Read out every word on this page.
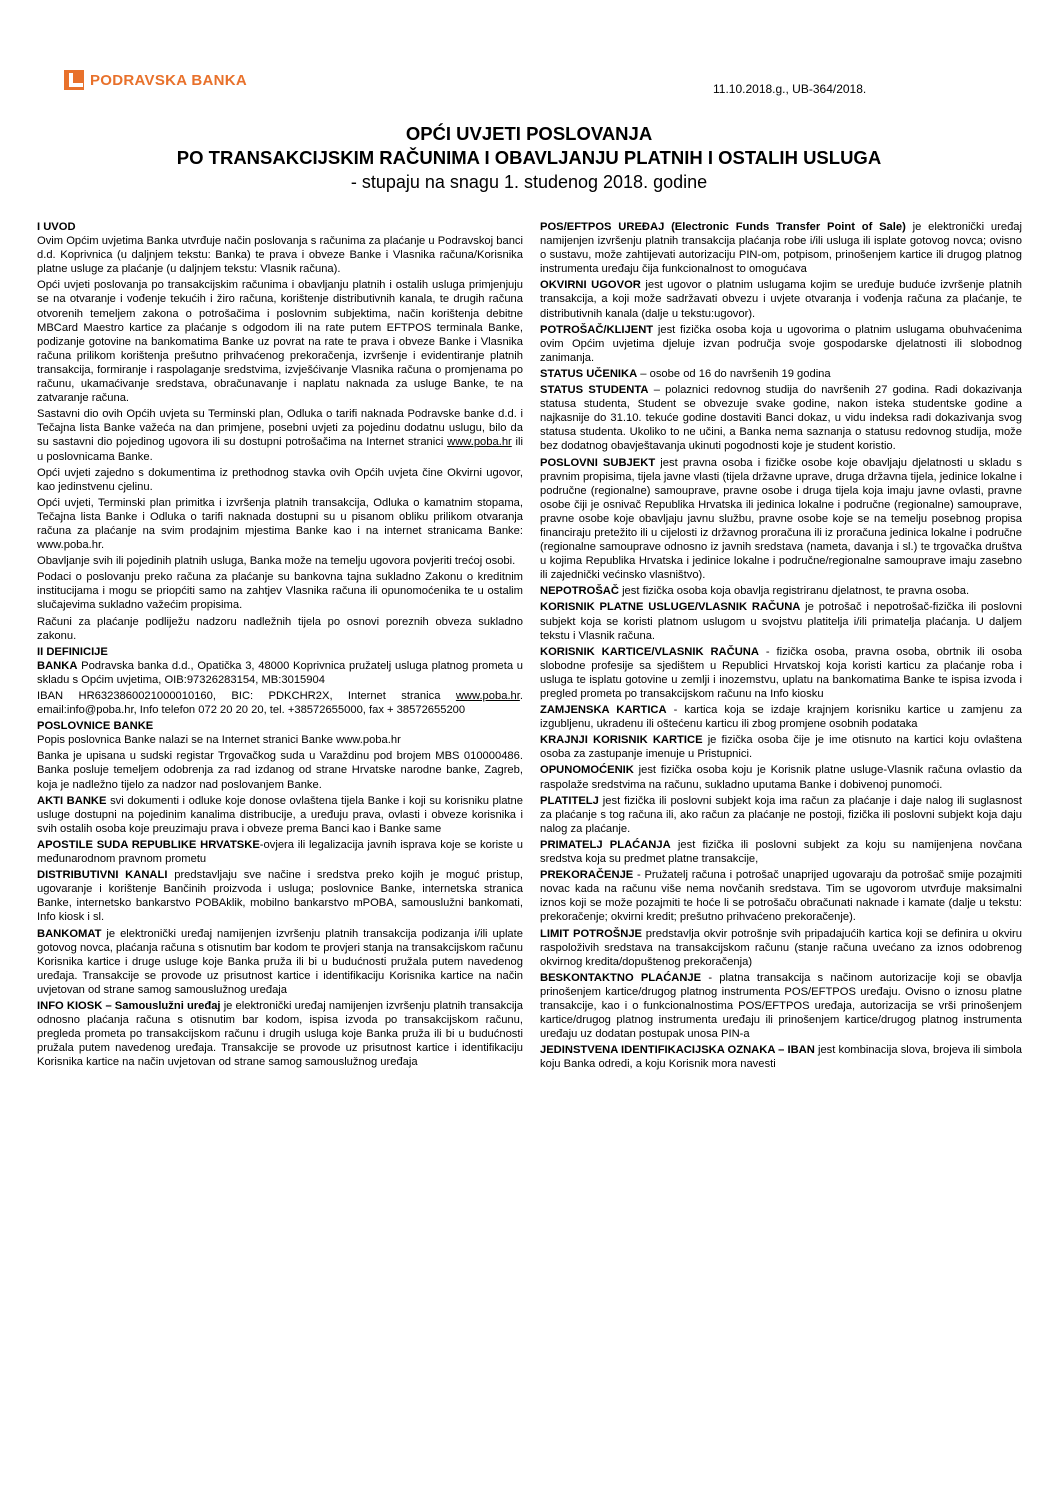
PODRAVSKA BANKA
11.10.2018.g., UB-364/2018.
OPĆI UVJETI POSLOVANJA
PO TRANSAKCIJSKIM RAČUNIMA I OBAVLJANJU PLATNIH I OSTALIH USLUGA
- stupaju na snagu 1. studenog 2018. godine

I UVOD

Ovim Općim uvjetima Banka utvrđuje način poslovanja s računima za plaćanje u Podravskoj banci d.d. Koprivnica (u daljnjem tekstu: Banka) te prava i obveze Banke i Vlasnika računa/Korisnika platne usluge za plaćanje (u daljnjem tekstu: Vlasnik računa).

Opći uvjeti poslovanja po transakcijskim računima i obavljanju platnih i ostalih usluga primjenjuju se na otvaranje i vođenje tekućih i žiro računa, korištenje distributivnih kanala, te drugih računa otvorenih temeljem zakona o potrošačima i poslovnim subjektima, način korištenja debitne MBCard Maestro kartice za plaćanje s odgodom ili na rate putem EFTPOS terminala Banke, podizanje gotovine na bankomatima Banke uz povrat na rate te prava i obveze Banke i Vlasnika računa prilikom korištenja prešutno prihvaćenog prekoračenja, izvršenje i evidentiranje platnih transakcija, formiranje i raspolaganje sredstvima, izvješćivanje Vlasnika računa o promjenama po računu, ukamaćivanje sredstava, obračunavanje i naplatu naknada za usluge Banke, te na zatvaranje računa.

Sastavni dio ovih Općih uvjeta su Terminski plan, Odluka o tarifi naknada Podravske banke d.d. i Tečajna lista Banke važeća na dan primjene, posebni uvjeti za pojedinu dodatnu uslugu, bilo da su sastavni dio pojedinog ugovora ili su dostupni potrošačima na Internet stranici www.poba.hr ili u poslovnicama Banke.

Opći uvjeti zajedno s dokumentima iz prethodnog stavka ovih Općih uvjeta čine Okvirni ugovor, kao jedinstvenu cjelinu.

Opći uvjeti, Terminski plan primitka i izvršenja platnih transakcija, Odluka o kamatnim stopama, Tečajna lista Banke i Odluka o tarifi naknada dostupni su u pisanom obliku prilikom otvaranja računa za plaćanje na svim prodajnim mjestima Banke kao i na internet stranicama Banke: www.poba.hr.

Obavljanje svih ili pojedinih platnih usluga, Banka može na temelju ugovora povjeriti trećoj osobi.

Podaci o poslovanju preko računa za plaćanje su bankovna tajna sukladno Zakonu o kreditnim institucijama i mogu se priopćiti samo na zahtjev Vlasnika računa ili opunomoćenika te u ostalim slučajevima sukladno važećim propisima.

Računi za plaćanje podliježu nadzoru nadležnih tijela po osnovi poreznih obveza sukladno zakonu.

II DEFINICIJE

BANKA Podravska banka d.d., Opatička 3, 48000 Koprivnica pružatelj usluga platnog prometa u skladu s Općim uvjetima, OIB:97326283154, MB:3015904

IBAN HR6323860021000010160, BIC: PDKCHR2X, Internet stranica www.poba.hr. email:info@poba.hr, Info telefon 072 20 20 20, tel. +38572655000, fax + 38572655200

POSLOVNICE BANKE

Popis poslovnica Banke nalazi se na Internet stranici Banke www.poba.hr

Banka je upisana u sudski registar Trgovačkog suda u Varaždinu pod brojem MBS 010000486. Banka posluje temeljem odobrenja za rad izdanog od strane Hrvatske narodne banke, Zagreb, koja je nadležno tijelo za nadzor nad poslovanjem Banke.

AKTI BANKE svi dokumenti i odluke koje donose ovlaštena tijela Banke i koji su korisniku platne usluge dostupni na pojedinim kanalima distribucije, a uređuju prava, ovlasti i obveze korisnika i svih ostalih osoba koje preuzimaju prava i obveze prema Banci kao i Banke same

APOSTILE SUDA REPUBLIKE HRVATSKE-ovjera ili legalizacija javnih isprava koje se koriste u međunarodnom pravnom prometu

DISTRIBUTIVNI KANALI predstavljaju sve načine i sredstva preko kojih je moguć pristup, ugovaranje i korištenje Bančinih proizvoda i usluga; poslovnice Banke, internetska stranica Banke, internetsko bankarstvo POBAklik, mobilno bankarstvo mPOBA, samouslužni bankomati, Info kiosk i sl.

BANKOMAT je elektronički uređaj namijenjen izvršenju platnih transakcija podizanja i/ili uplate gotovog novca, plaćanja računa s otisnutim bar kodom te provjeri stanja na transakcijskom računu Korisnika kartice i druge usluge koje Banka pruža ili bi u budućnosti pružala putem navedenog uređaja. Transakcije se provode uz prisutnost kartice i identifikaciju Korisnika kartice na način uvjetovan od strane samog samouslužnog uređaja

INFO KIOSK – Samouslužni uređaj je elektronički uređaj namijenjen izvršenju platnih transakcija odnosno plaćanja računa s otisnutim bar kodom, ispisa izvoda po transakcijskom računu, pregleda prometa po transakcijskom računu i drugih usluga koje Banka pruža ili bi u budućnosti pružala putem navedenog uređaja. Transakcije se provode uz prisutnost kartice i identifikaciju Korisnika kartice na način uvjetovan od strane samog samouslužnog uređaja

POS/EFTPOS UREĐAJ (Electronic Funds Transfer Point of Sale) je elektronički uređaj namijenjen izvršenju platnih transakcija plaćanja robe i/ili usluga ili isplate gotovog novca; ovisno o sustavu, može zahtijevati autorizaciju PIN-om, potpisom, prinošenjem kartice ili drugog platnog instrumenta uređaju čija funkcionalnost to omogućava

OKVIRNI UGOVOR jest ugovor o platnim uslugama kojim se uređuje buduće izvršenje platnih transakcija, a koji može sadržavati obvezu i uvjete otvaranja i vođenja računa za plaćanje, te distributivnih kanala (dalje u tekstu:ugovor).

POTROŠAČ/KLIJENT jest fizička osoba koja u ugovorima o platnim uslugama obuhvaćenima ovim Općim uvjetima djeluje izvan područja svoje gospodarske djelatnosti ili slobodnog zanimanja.

STATUS UČENIKA – osobe od 16 do navršenih 19 godina

STATUS STUDENTA – polaznici redovnog studija do navršenih 27 godina. Radi dokazivanja statusa studenta, Student se obvezuje svake godine, nakon isteka studentske godine a najkasnije do 31.10. tekuće godine dostaviti Banci dokaz, u vidu indeksa radi dokazivanja svog statusa studenta. Ukoliko to ne učini, a Banka nema saznanja o statusu redovnog studija, može bez dodatnog obavještavanja ukinuti pogodnosti koje je student koristio.

POSLOVNI SUBJEKT jest pravna osoba i fizičke osobe koje obavljaju djelatnosti u skladu s pravnim propisima, tijela javne vlasti (tijela državne uprave, druga državna tijela, jedinice lokalne i područne (regionalne) samouprave, pravne osobe i druga tijela koja imaju javne ovlasti, pravne osobe čiji je osnivač Republika Hrvatska ili jedinica lokalne i područne (regionalne) samouprave, pravne osobe koje obavljaju javnu službu, pravne osobe koje se na temelju posebnog propisa financiraju pretežito ili u cijelosti iz državnog proračuna ili iz proračuna jedinica lokalne i područne (regionalne samouprave odnosno iz javnih sredstava (nameta, davanja i sl.) te trgovačka društva u kojima Republika Hrvatska i jedinice lokalne i područne/regionalne samouprave imaju zasebno ili zajednički većinsko vlasništvo).

NEPOTROŠAČ jest fizička osoba koja obavlja registriranu djelatnost, te pravna osoba.

KORISNIK PLATNE USLUGE/VLASNIK RAČUNA je potrošač i nepotrošač-fizička ili poslovni subjekt koja se koristi platnom uslugom u svojstvu platitelja i/ili primatelja plaćanja. U daljem tekstu i Vlasnik računa.

KORISNIK KARTICE/VLASNIK RAČUNA - fizička osoba, pravna osoba, obrtnik ili osoba slobodne profesije sa sjedištem u Republici Hrvatskoj koja koristi karticu za plaćanje roba i usluga te isplatu gotovine u zemlji i inozemstvu, uplatu na bankomatima Banke te ispisa izvoda i pregled prometa po transakcijskom računu na Info kiosku

ZAMJENSKA KARTICA - kartica koja se izdaje krajnjem korisniku kartice u zamjenu za izgubljenu, ukradenu ili oštećenu karticu ili zbog promjene osobnih podataka

KRAJNJI KORISNIK KARTICE je fizička osoba čije je ime otisnuto na kartici koju ovlaštena osoba za zastupanje imenuje u Pristupnici.

OPUNOMOĆENIK jest fizička osoba koju je Korisnik platne usluge-Vlasnik računa ovlastio da raspolaže sredstvima na računu, sukladno uputama Banke i dobivenoj punomoći.

PLATITELJ jest fizička ili poslovni subjekt koja ima račun za plaćanje i daje nalog ili suglasnost za plaćanje s tog računa ili, ako račun za plaćanje ne postoji, fizička ili poslovni subjekt koja daju nalog za plaćanje.

PRIMATELJ PLAĆANJA jest fizička ili poslovni subjekt za koju su namijenjena novčana sredstva koja su predmet platne transakcije,

PREKORAČENJE - Pružatelj računa i potrošač unaprijed ugovaraju da potrošač smije pozajmiti novac kada na računu više nema novčanih sredstava. Tim se ugovorom utvrđuje maksimalni iznos koji se može pozajmiti te hoće li se potrošaču obračunati naknade i kamate (dalje u tekstu: prekoračenje; okvirni kredit; prešutno prihvaćeno prekoračenje).

LIMIT POTROŠNJE predstavlja okvir potrošnje svih pripadajućih kartica koji se definira u okviru raspoloživih sredstava na transakcijskom računu (stanje računa uvećano za iznos odobrenog okvirnog kredita/dopuštenog prekoračenja)

BESKONTAKTNO PLAĆANJE - platna transakcija s načinom autorizacije koji se obavlja prinošenjem kartice/drugog platnog instrumenta POS/EFTPOS uređaju. Ovisno o iznosu platne transakcije, kao i o funkcionalnostima POS/EFTPOS uređaja, autorizacija se vrši prinošenjem kartice/drugog platnog instrumenta uređaju ili prinošenjem kartice/drugog platnog instrumenta uređaju uz dodatan postupak unosa PIN-a

JEDINSTVENA IDENTIFIKACIJSKA OZNAKA – IBAN jest kombinacija slova, brojeva ili simbola koju Banka odredi, a koju Korisnik mora navesti
